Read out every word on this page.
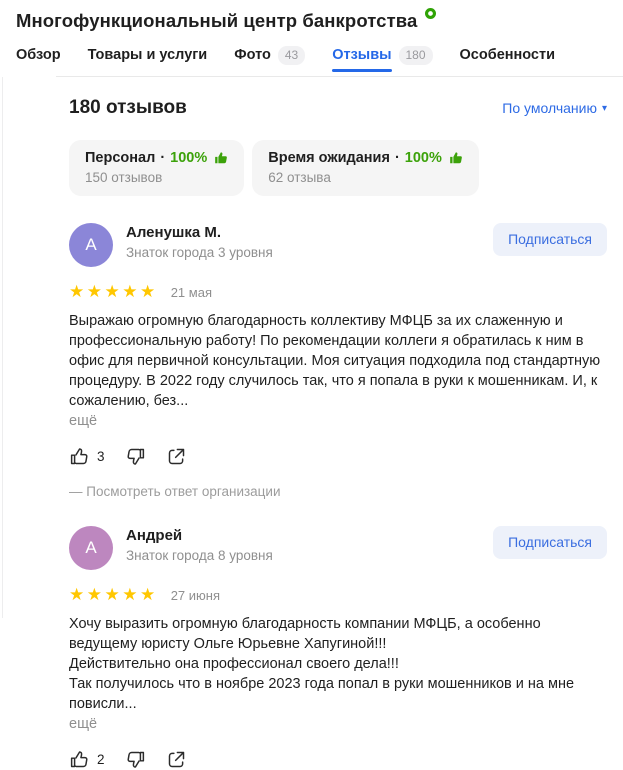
Многофункциональный центр банкротства
Обзор Товары и услуги Фото	43	Отзывы	180	Особенности
180 отзывов	По умолчанию ▾
Персонал · 100%
150 отзывов
Время ожидания · 100%
62 отзыва
A
Аленушка М.
Знаток города 3 уровня
Подписаться
★★★★★ 21 мая
Выражаю огромную благодарность коллективу МФЦБ за их слаженную и профессиональную работу! По рекомендации коллеги я обратилась к ним в офис для первичной консультации. Моя ситуация подходила под стандартную процедуру. В 2022 году случилось так, что я попала в руки к мошенникам. И, к сожалению, без...
ещё
3
— Посмотреть ответ организации
A
Андрей
Знаток города 8 уровня
Подписаться
★★★★★ 27 июня
Хочу выразить огромную благодарность компании МФЦБ, а особенно ведущему юристу Ольге Юрьевне Хапугиной!!!
Действительно она профессионал своего дела!!!
Так получилось что в ноябре 2023 года попал в руки мошенников и на мне повисли...
ещё
2
